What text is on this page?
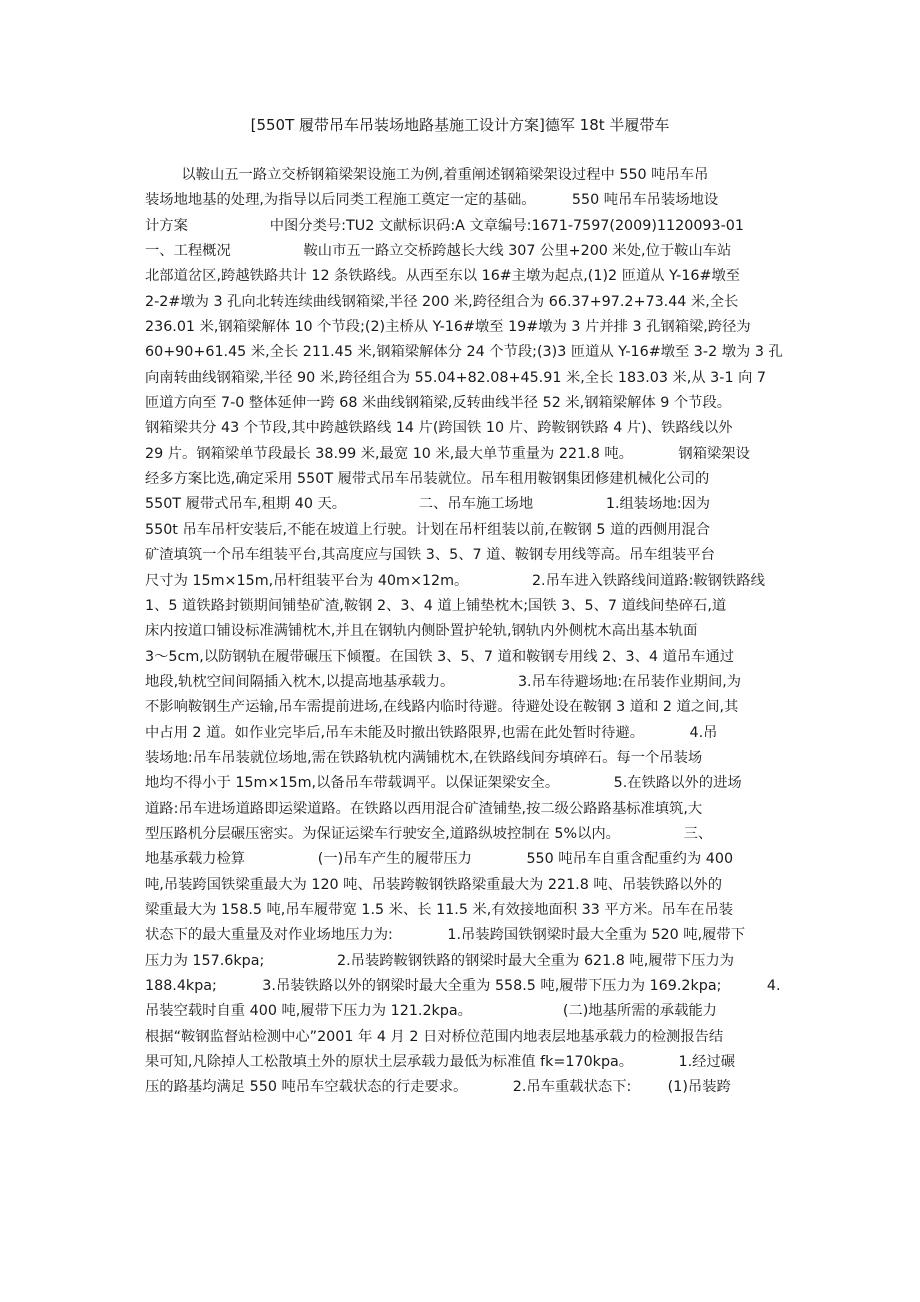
[550T 履带吊车吊装场地路基施工设计方案]德军 18t 半履带车
以鞍山五一路立交桥钢箱梁架设施工为例,着重阐述钢箱梁架设过程中 550 吨吊车吊
装场地地基的处理,为指导以后同类工程施工奠定一定的基础。        550 吨吊车吊装场地设
计方案                  中图分类号:TU2 文献标识码:A 文章编号:1671-7597(2009)1120093-01
一、工程概况                鞍山市五一路立交桥跨越长大线 307 公里+200 米处,位于鞍山车站
北部道岔区,跨越铁路共计 12 条铁路线。从西至东以 16#主墩为起点,(1)2 匝道从 Y-16#墩至
2-2#墩为 3 孔向北转连续曲线钢箱梁,半径 200 米,跨径组合为 66.37+97.2+73.44 米,全长
236.01 米,钢箱梁解体 10 个节段;(2)主桥从 Y-16#墩至 19#墩为 3 片并排 3 孔钢箱梁,跨径为
60+90+61.45 米,全长 211.45 米,钢箱梁解体分 24 个节段;(3)3 匝道从 Y-16#墩至 3-2 墩为 3 孔
向南转曲线钢箱梁,半径 90 米,跨径组合为 55.04+82.08+45.91 米,全长 183.03 米,从 3-1 向 7
匝道方向至 7-0 整体延伸一跨 68 米曲线钢箱梁,反转曲线半径 52 米,钢箱梁解体 9 个节段。
钢箱梁共分 43 个节段,其中跨越铁路线 14 片(跨国铁 10 片、跨鞍钢铁路 4 片)、铁路线以外
29 片。钢箱梁单节段最长 38.99 米,最宽 10 米,最大单节重量为 221.8 吨。          钢箱梁架设
经多方案比选,确定采用 550T 履带式吊车吊装就位。吊车租用鞍钢集团修建机械化公司的
550T 履带式吊车,租期 40 天。                二、吊车施工场地                1.组装场地:因为
550t 吊车吊杆安装后,不能在坡道上行驶。计划在吊杆组装以前,在鞍钢 5 道的西侧用混合
矿渣填筑一个吊车组装平台,其高度应与国铁 3、5、7 道、鞍钢专用线等高。吊车组装平台
尺寸为 15m×15m,吊杆组装平台为 40m×12m。              2.吊车进入铁路线间道路:鞍钢铁路线
1、5 道铁路封锁期间铺垫矿渣,鞍钢 2、3、4 道上铺垫枕木;国铁 3、5、7 道线间垫碎石,道
床内按道口铺设标准满铺枕木,并且在钢轨内侧卧置护轮轨,钢轨内外侧枕木高出基本轨面
3～5cm,以防钢轨在履带碾压下倾覆。在国铁 3、5、7 道和鞍钢专用线 2、3、4 道吊车通过
地段,轨枕空间间隔插入枕木,以提高地基承载力。              3.吊车待避场地:在吊装作业期间,为
不影响鞍钢生产运输,吊车需提前进场,在线路内临时待避。待避处设在鞍钢 3 道和 2 道之间,其
中占用 2 道。如作业完毕后,吊车未能及时撤出铁路限界,也需在此处暂时待避。          4.吊
装场地:吊车吊装就位场地,需在铁路轨枕内满铺枕木,在铁路线间夯填碎石。每一个吊装场
地均不得小于 15m×15m,以备吊车带载调平。以保证架梁安全。            5.在铁路以外的进场
道路:吊车进场道路即运梁道路。在铁路以西用混合矿渣铺垫,按二级公路路基标准填筑,大
型压路机分层碾压密实。为保证运梁车行驶安全,道路纵坡控制在 5%以内。              三、
地基承载力检算                (一)吊车产生的履带压力            550 吨吊车自重含配重约为 400
吨,吊装跨国铁梁重最大为 120 吨、吊装跨鞍钢铁路梁重最大为 221.8 吨、吊装铁路以外的
梁重最大为 158.5 吨,吊车履带宽 1.5 米、长 11.5 米,有效接地面积 33 平方米。吊车在吊装
状态下的最大重量及对作业场地压力为:            1.吊装跨国铁钢梁时最大全重为 520 吨,履带下
压力为 157.6kpa;                2.吊装跨鞍钢铁路的钢梁时最大全重为 621.8 吨,履带下压力为
188.4kpa;          3.吊装铁路以外的钢梁时最大全重为 558.5 吨,履带下压力为 169.2kpa;          4.
吊装空载时自重 400 吨,履带下压力为 121.2kpa。                    (二)地基所需的承载能力
根据“鞍钢监督站检测中心”2001 年 4 月 2 日对桥位范围内地表层地基承载力的检测报告结
果可知,凡除掉人工松散填土外的原状土层承载力最低为标准值 fk=170kpa。          1.经过碾
压的路基均满足 550 吨吊车空载状态的行走要求。          2.吊车重载状态下:        (1)吊装跨
